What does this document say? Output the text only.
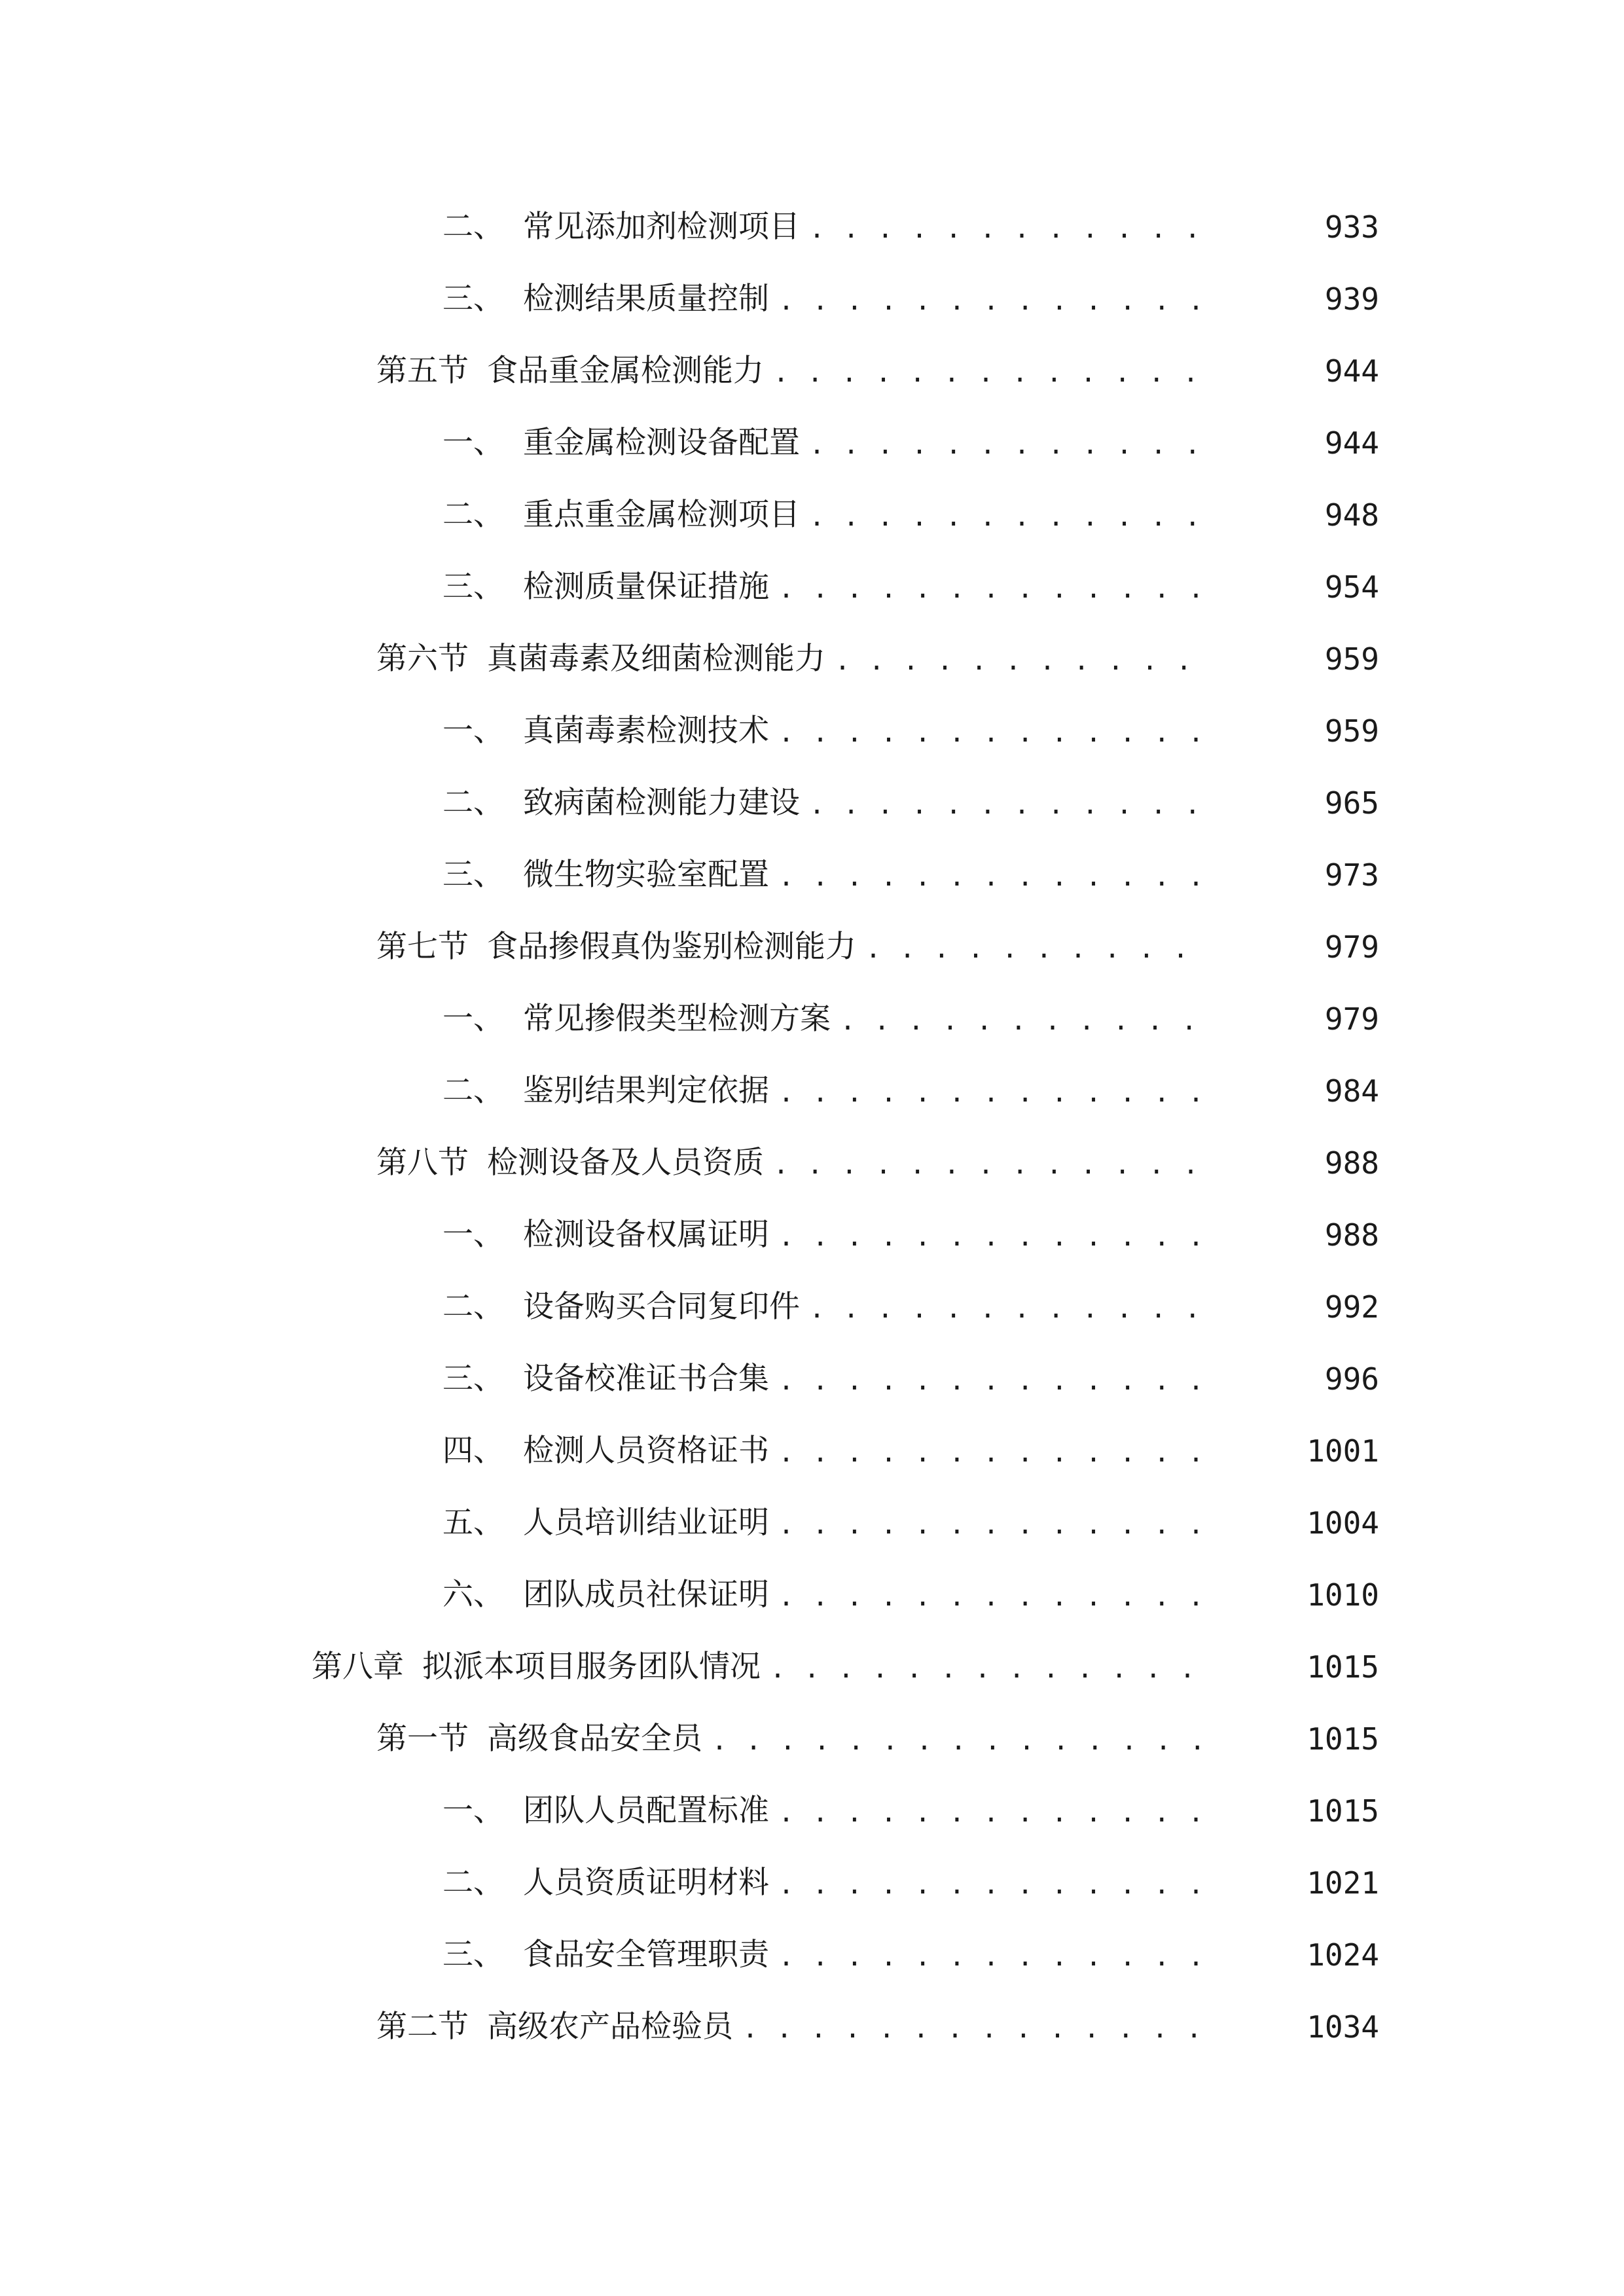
二、 常见添加剂检测项目 . . .	933
三、 检测结果质量控制 . . .	939
第五节 食品重金属检测能力 . . .	944
一、 重金属检测设备配置 . . .	944
二、 重点重金属检测项目 . . .	948
三、 检测质量保证措施 . . .	954
第六节 真菌毒素及细菌检测能力 . . .	959
一、 真菌毒素检测技术 . . .	959
二、 致病菌检测能力建设 . . .	965
三、 微生物实验室配置 . . .	973
第七节 食品掺假真伪鉴别检测能力 . . .	979
一、 常见掺假类型检测方案 . . .	979
二、 鉴别结果判定依据 . . .	984
第八节 检测设备及人员资质 . . .	988
一、 检测设备权属证明 . . .	988
二、 设备购买合同复印件 . . .	992
三、 设备校准证书合集 . . .	996
四、 检测人员资格证书 . . .	1001
五、 人员培训结业证明 . . .	1004
六、 团队成员社保证明 . . .	1010
第八章 拟派本项目服务团队情况 . . .	1015
第一节 高级食品安全员 . . .	1015
一、 团队人员配置标准 . . .	1015
二、 人员资质证明材料 . . .	1021
三、 食品安全管理职责 . . .	1024
第二节 高级农产品检验员 . . .	1034
